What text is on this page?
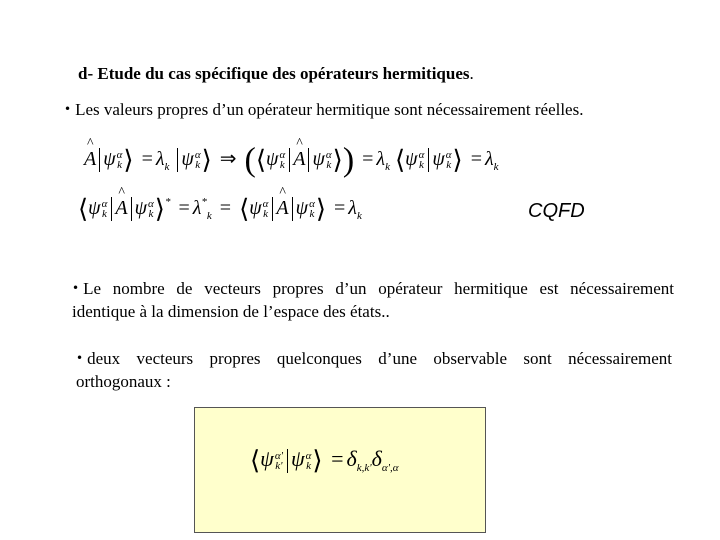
d- Etude du cas spécifique des opérateurs hermitiques.
• Les valeurs propres d’un opérateur hermitique sont nécessairement réelles.
^ A ψ α
k ⟩ = $\lambda_k$ ψ α
k ⟩ ⇒ (⟨ψ α
k ^ A ψ α
k ⟩) = $\lambda_k$ ⟨ψ α
k ψ α
k ⟩ = $\lambda_k$
⟨ψ α
k ^ A ψ α
k ⟩* = $\lambda^*_k$ = ⟨ψ α
k ^ A ψ α
k ⟩ = $\lambda_k$	CQFD
• Le nombre de vecteurs propres d’un opérateur hermitique est nécessairement identique à la dimension de l’espace des états..
• deux vecteurs propres quelconques d’une observable sont nécessairement orthogonaux :
⟨ψ α'
k' ψ α
k ⟩ = $\delta_{k,k'}\delta_{\alpha',\alpha}$
